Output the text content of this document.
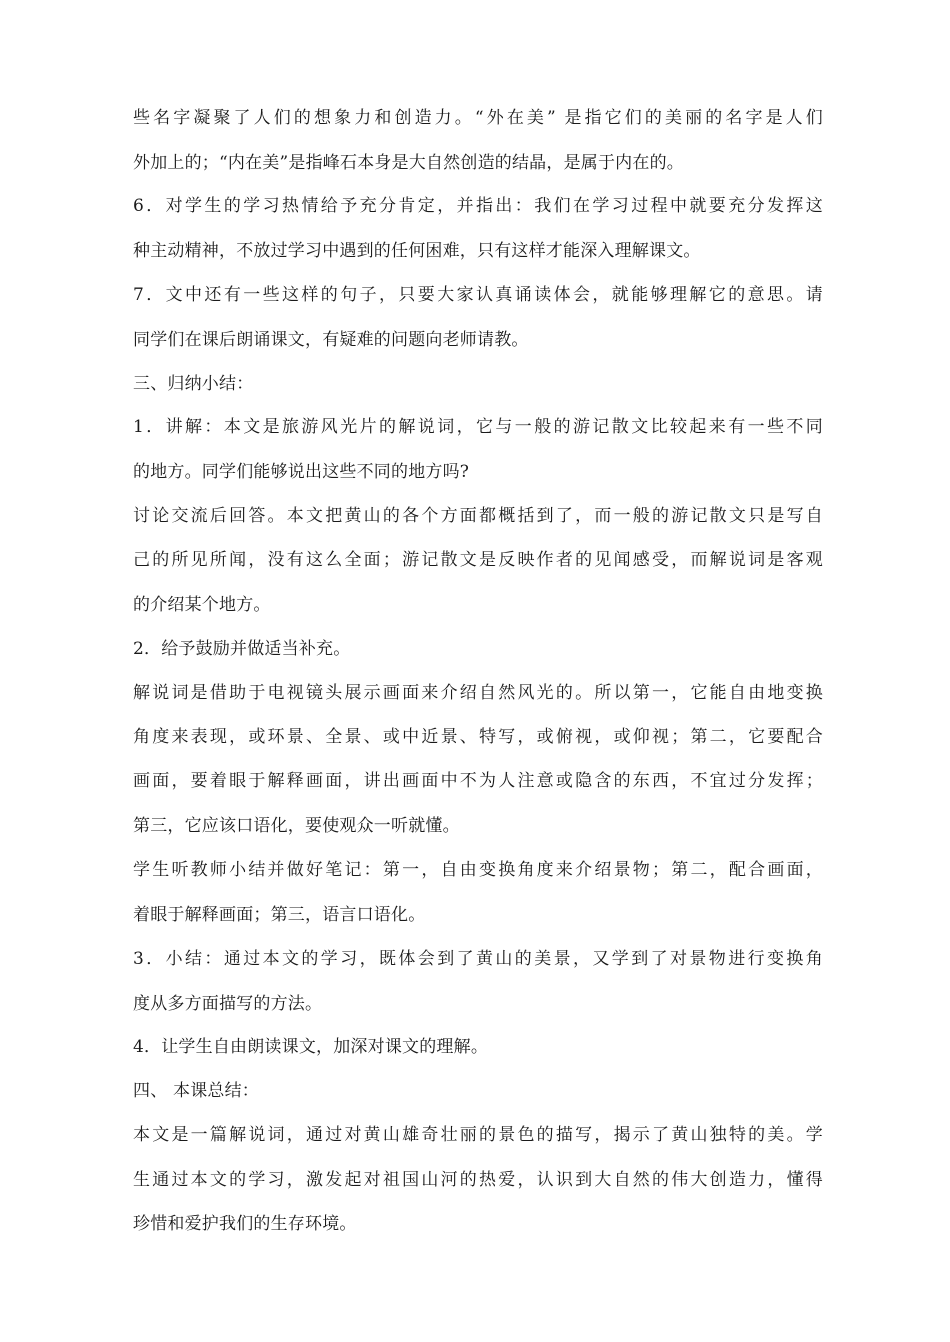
些名字凝聚了人们的想象力和创造力。“外在美” 是指它们的美丽的名字是人们

外加上的；“内在美”是指峰石本身是大自然创造的结晶，是属于内在的。

6．对学生的学习热情给予充分肯定，并指出：我们在学习过程中就要充分发挥这

种主动精神，不放过学习中遇到的任何困难，只有这样才能深入理解课文。

7．文中还有一些这样的句子，只要大家认真诵读体会，就能够理解它的意思。请

同学们在课后朗诵课文，有疑难的问题向老师请教。

三、归纳小结：

1．讲解：本文是旅游风光片的解说词，它与一般的游记散文比较起来有一些不同

的地方。同学们能够说出这些不同的地方吗?

讨论交流后回答。本文把黄山的各个方面都概括到了，而一般的游记散文只是写自

己的所见所闻，没有这么全面；游记散文是反映作者的见闻感受，而解说词是客观

的介绍某个地方。

2．给予鼓励并做适当补充。

解说词是借助于电视镜头展示画面来介绍自然风光的。所以第一，它能自由地变换

角度来表现，或环景、全景、或中近景、特写，或俯视，或仰视；第二，它要配合

画面，要着眼于解释画面，讲出画面中不为人注意或隐含的东西，不宜过分发挥；

第三，它应该口语化，要使观众一听就懂。

学生听教师小结并做好笔记：第一，自由变换角度来介绍景物；第二，配合画面，

着眼于解释画面；第三，语言口语化。

3．小结：通过本文的学习，既体会到了黄山的美景，又学到了对景物进行变换角

度从多方面描写的方法。

4．让学生自由朗读课文，加深对课文的理解。

四、 本课总结：

本文是一篇解说词，通过对黄山雄奇壮丽的景色的描写，揭示了黄山独特的美。学

生通过本文的学习，激发起对祖国山河的热爱，认识到大自然的伟大创造力，懂得

珍惜和爱护我们的生存环境。
